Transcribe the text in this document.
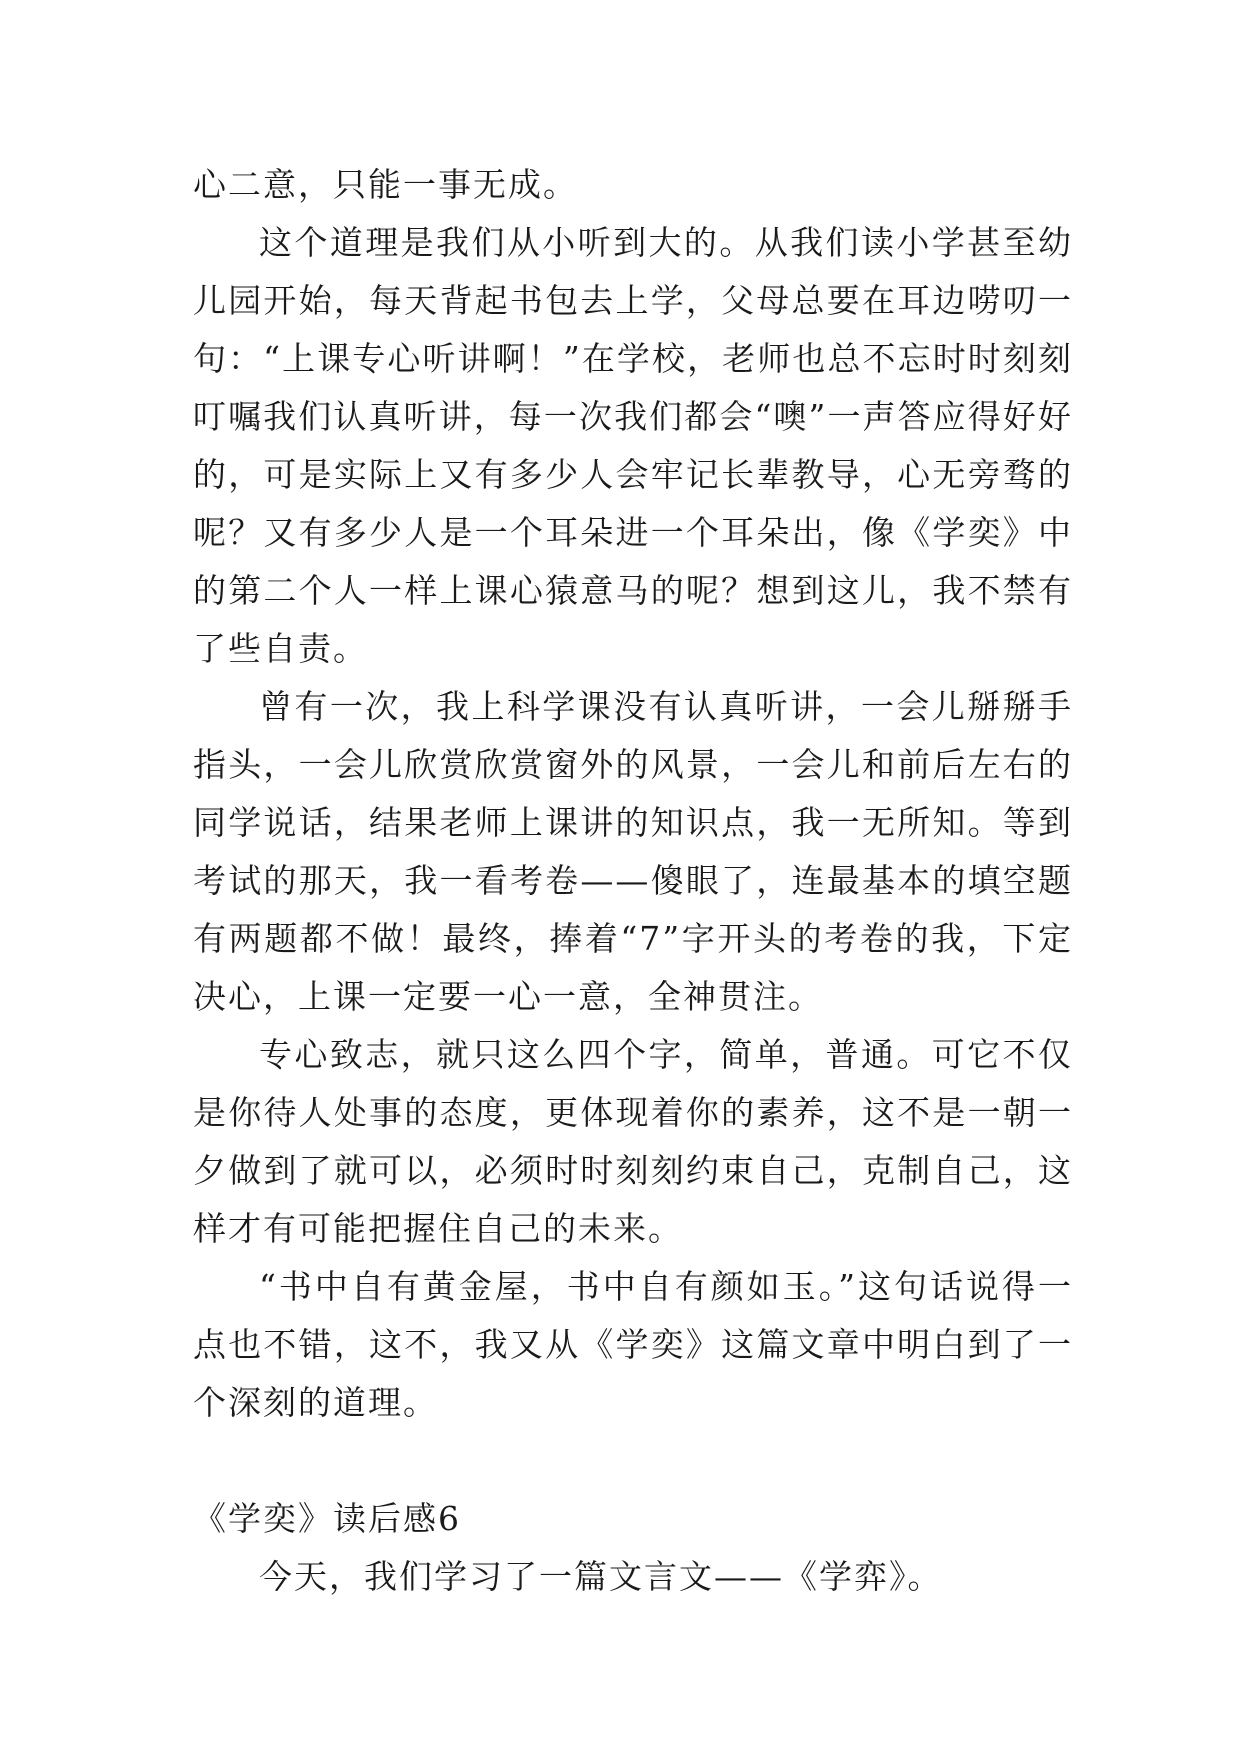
心二意，只能一事无成。

这个道理是我们从小听到大的。从我们读小学甚至幼儿园开始，每天背起书包去上学，父母总要在耳边唠叨一句：“上课专心听讲啊！”在学校，老师也总不忘时时刻刻叮嘱我们认真听讲，每一次我们都会“噢”一声答应得好好的，可是实际上又有多少人会牢记长辈教导，心无旁骛的呢？又有多少人是一个耳朵进一个耳朵出，像《学奕》中的第二个人一样上课心猿意马的呢？想到这儿，我不禁有了些自责。

曾有一次，我上科学课没有认真听讲，一会儿掰掰手指头，一会儿欣赏欣赏窗外的风景，一会儿和前后左右的同学说话，结果老师上课讲的知识点，我一无所知。等到考试的那天，我一看考卷——傻眼了，连最基本的填空题有两题都不做！最终，捧着“7”字开头的考卷的我，下定决心，上课一定要一心一意，全神贯注。

专心致志，就只这么四个字，简单，普通。可它不仅是你待人处事的态度，更体现着你的素养，这不是一朝一夕做到了就可以，必须时时刻刻约束自己，克制自己，这样才有可能把握住自己的未来。

“书中自有黄金屋，书中自有颜如玉。”这句话说得一点也不错，这不，我又从《学奕》这篇文章中明白到了一个深刻的道理。

《学奕》读后感6

今天，我们学习了一篇文言文——《学弈》。
